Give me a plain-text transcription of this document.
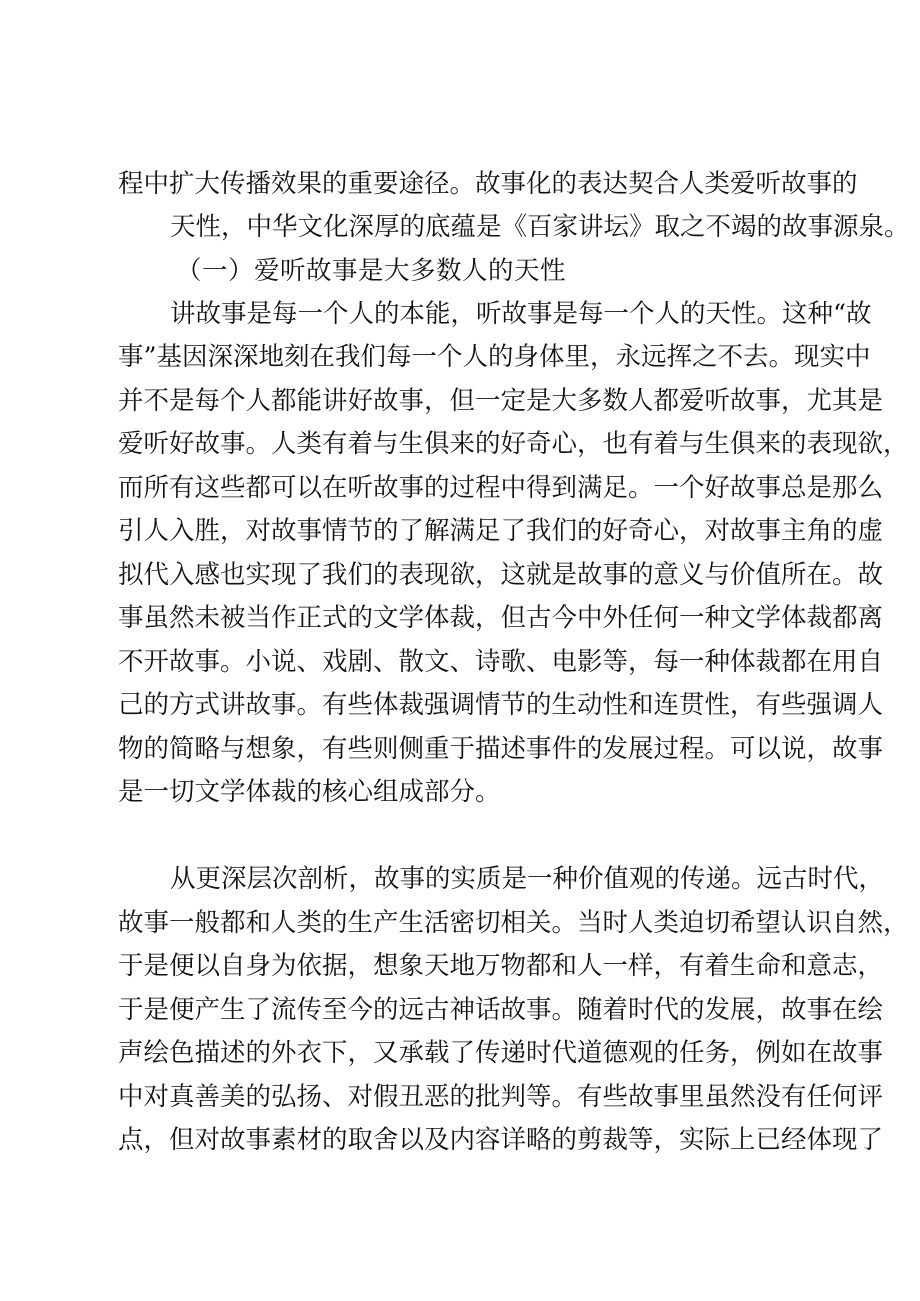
程中扩大传播效果的重要途径。故事化的表达契合人类爱听故事的
天性，中华文化深厚的底蕴是《百家讲坛》取之不竭的故事源泉。
（一）爱听故事是大多数人的天性
讲故事是每一个人的本能，听故事是每一个人的天性。这种“故
事”基因深深地刻在我们每一个人的身体里，永远挥之不去。现实中
并不是每个人都能讲好故事，但一定是大多数人都爱听故事，尤其是
爱听好故事。人类有着与生俱来的好奇心，也有着与生俱来的表现欲，
而所有这些都可以在听故事的过程中得到满足。一个好故事总是那么
引人入胜，对故事情节的了解满足了我们的好奇心，对故事主角的虚
拟代入感也实现了我们的表现欲，这就是故事的意义与价值所在。故
事虽然未被当作正式的文学体裁，但古今中外任何一种文学体裁都离
不开故事。小说、戏剧、散文、诗歌、电影等，每一种体裁都在用自
己的方式讲故事。有些体裁强调情节的生动性和连贯性，有些强调人
物的简略与想象，有些则侧重于描述事件的发展过程。可以说，故事
是一切文学体裁的核心组成部分。
从更深层次剖析，故事的实质是一种价值观的传递。远古时代，
故事一般都和人类的生产生活密切相关。当时人类迫切希望认识自然，
于是便以自身为依据，想象天地万物都和人一样，有着生命和意志，
于是便产生了流传至今的远古神话故事。随着时代的发展，故事在绘
声绘色描述的外衣下，又承载了传递时代道德观的任务，例如在故事
中对真善美的弘扬、对假丑恶的批判等。有些故事里虽然没有任何评
点，但对故事素材的取舍以及内容详略的剪裁等，实际上已经体现了
